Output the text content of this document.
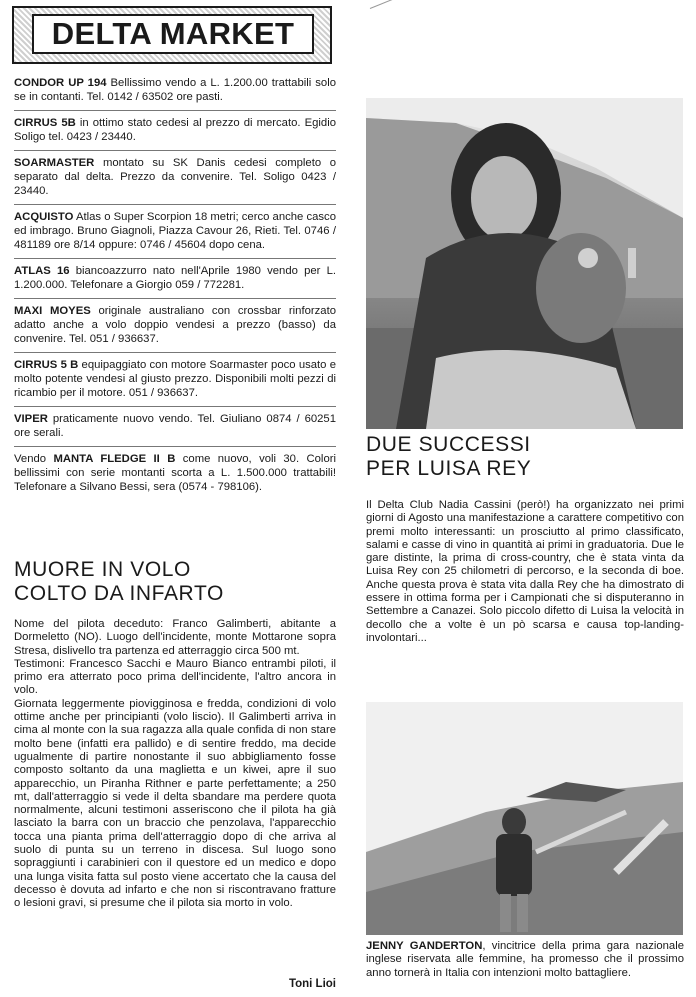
DELTA MARKET
CONDOR UP 194 Bellissimo vendo a L. 1.200.00 trattabili solo se in contanti. Tel. 0142 / 63502 ore pasti.
CIRRUS 5B in ottimo stato cedesi al prezzo di mercato. Egidio Soligo tel. 0423 / 23440.
SOARMASTER montato su SK Danis cedesi completo o separato dal delta. Prezzo da convenire. Tel. Soligo 0423 / 23440.
ACQUISTO Atlas o Super Scorpion 18 metri; cerco anche casco ed imbrago. Bruno Giagnoli, Piazza Cavour 26, Rieti. Tel. 0746 / 481189 ore 8/14 oppure: 0746 / 45604 dopo cena.
ATLAS 16 biancoazzurro nato nell'Aprile 1980 vendo per L. 1.200.000. Telefonare a Giorgio 059 / 772281.
MAXI MOYES originale australiano con crossbar rinforzato adatto anche a volo doppio vendesi a prezzo (basso) da convenire. Tel. 051 / 936637.
CIRRUS 5 B equipaggiato con motore Soarmaster poco usato e molto potente vendesi al giusto prezzo. Disponibili molti pezzi di ricambio per il motore. 051 / 936637.
VIPER praticamente nuovo vendo. Tel. Giuliano 0874 / 60251 ore serali.
Vendo MANTA FLEDGE II B come nuovo, voli 30. Colori bellissimi con serie montanti scorta a L. 1.500.000 trattabili! Telefonare a Silvano Bessi, sera (0574 - 798106).
MUORE IN VOLO
COLTO DA INFARTO

Nome del pilota deceduto: Franco Galimberti, abitante a Dormeletto (NO). Luogo dell'incidente, monte Mottarone sopra Stresa, dislivello tra partenza ed atterraggio circa 500 mt.

Testimoni: Francesco Sacchi e Mauro Bianco entrambi piloti, il primo era atterrato poco prima dell'incidente, l'altro ancora in volo.

Giornata leggermente piovigginosa e fredda, condizioni di volo ottime anche per principianti (volo liscio). Il Galimberti arriva in cima al monte con la sua ragazza alla quale confida di non stare molto bene (infatti era pallido) e di sentire freddo, ma decide ugualmente di partire nonostante il suo abbigliamento fosse composto soltanto da una maglietta e un kiwei, apre il suo apparecchio, un Piranha Rithner e parte perfettamente; a 250 mt, dall'atterraggio si vede il delta sbandare ma perdere quota normalmente, alcuni testimoni asseriscono che il pilota ha già lasciato la barra con un braccio che penzolava, l'apparecchio tocca una pianta prima dell'atterraggio dopo di che arriva al suolo di punta su un terreno in discesa. Sul luogo sono sopraggiunti i carabinieri con il questore ed un medico e dopo una lunga visita fatta sul posto viene accertato che la causa del decesso è dovuta ad infarto e che non si riscontravano fratture o lesioni gravi, si presume che il pilota sia morto in volo.

Toni Lioi
DUE SUCCESSI
PER LUISA REY
Il Delta Club Nadia Cassini (però!) ha organizzato nei primi giorni di Agosto una manifestazione a carattere competitivo con premi molto interessanti: un prosciutto al primo classificato, salami e casse di vino in quantità ai primi in graduatoria. Due le gare distinte, la prima di cross-country, che è stata vinta da Luisa Rey con 25 chilometri di percorso, e la seconda di boe. Anche questa prova è stata vita dalla Rey che ha dimostrato di essere in ottima forma per i Campionati che si disputeranno in Settembre a Canazei. Solo piccolo difetto di Luisa la velocità in decollo che a volte è un pò scarsa e causa top-landing- involontari...
JENNY GANDERTON, vincitrice della prima gara nazionale inglese riservata alle femmine, ha promesso che il prossimo anno tornerà in Italia con intenzioni molto battagliere.
